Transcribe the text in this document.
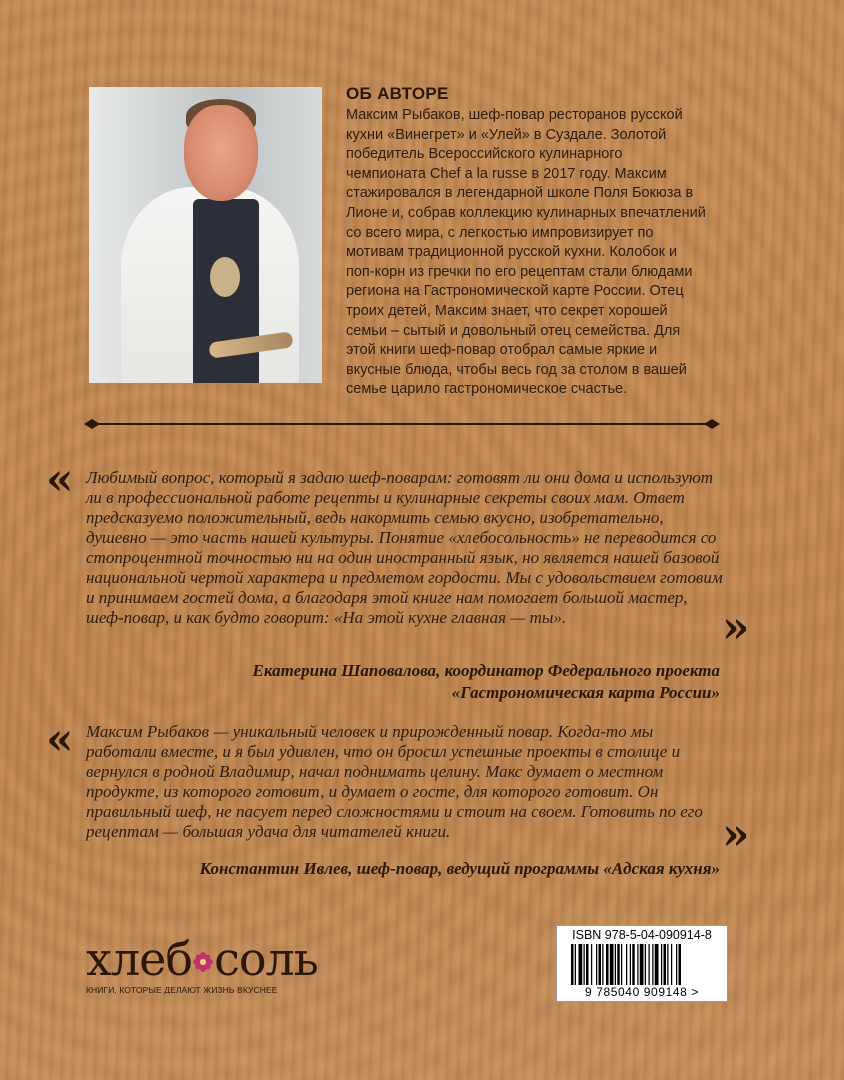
ОБ АВТОРЕ

Максим Рыбаков, шеф-повар ресторанов русской кухни «Винегрет» и «Улей» в Суздале. Золотой победитель Всероссийского кулинарного чемпионата Chef a la russe в 2017 году. Максим стажировался в легендарной школе Поля Бокюза в Лионе и, собрав коллекцию кулинарных впечатлений со всего мира, с легкостью импровизирует по мотивам традиционной русской кухни. Колобок и поп-корн из гречки по его рецептам стали блюдами региона на Гастрономической карте России. Отец троих детей, Максим знает, что секрет хорошей семьи – сытый и довольный отец семейства. Для этой книги шеф-повар отобрал самые яркие и вкусные блюда, чтобы весь год за столом в вашей семье царило гастрономическое счастье.

« Любимый вопрос, который я задаю шеф-поварам: готовят ли они дома и используют ли в профессиональной работе рецепты и кулинарные секреты своих мам. Ответ предсказуемо положительный, ведь накормить семью вкусно, изобретательно, душевно — это часть нашей культуры. Понятие «хлебосольность» не переводится со стопроцентной точностью ни на один иностранный язык, но является нашей базовой национальной чертой характера и предметом гордости. Мы с удовольствием готовим и принимаем гостей дома, а благодаря этой книге нам помогает большой мастер, шеф-повар, и как будто говорит: «На этой кухне главная — ты».	»

Екатерина Шаповалова, координатор Федерального проекта

«Гастрономическая карта России»

« Максим Рыбаков — уникальный человек и прирожденный повар. Когда-то мы работали вместе, и я был удивлен, что он бросил успешные проекты в столице и вернулся в родной Владимир, начал поднимать целину. Макс думает о местном продукте, из которого готовит, и думает о госте, для которого готовит. Он правильный шеф, не пасует перед сложностями и стоит на своем. Готовить по его рецептам — большая удача для читателей книги.	»

Константин Ивлев, шеф-повар, ведущий программы «Адская кухня»

хлеб соль
КНИГИ, КОТОРЫЕ ДЕЛАЮТ ЖИЗНЬ ВКУСНЕЕ
ISBN 978-5-04-090914-8
9 785040 909148 >
